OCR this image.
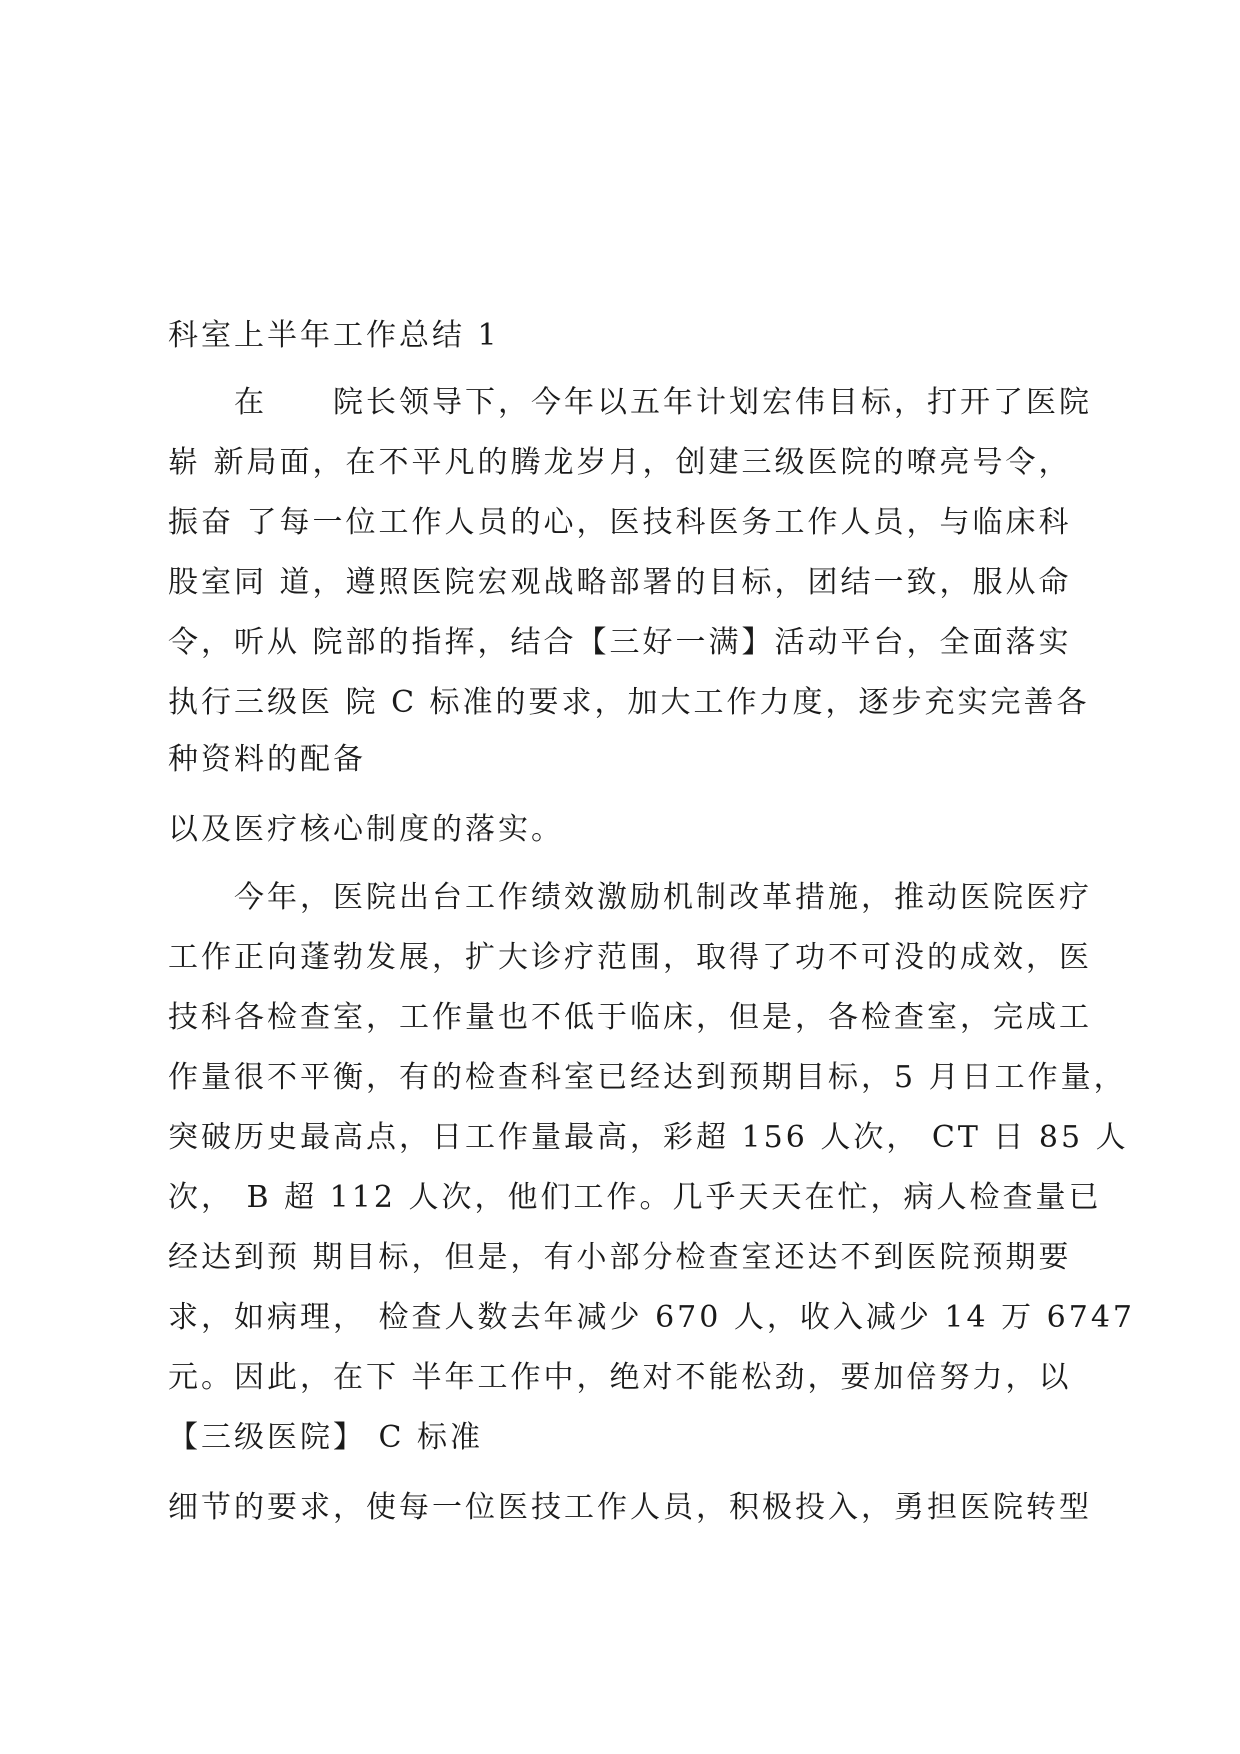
科室上半年工作总结 1
　　在　　院长领导下，今年以五年计划宏伟目标，打开了医院
崭 新局面，在不平凡的腾龙岁月，创建三级医院的嘹亮号令，
振奋 了每一位工作人员的心，医技科医务工作人员，与临床科
股室同 道，遵照医院宏观战略部署的目标，团结一致，服从命
令，听从 院部的指挥，结合【三好一满】活动平台，全面落实
执行三级医 院 C 标准的要求，加大工作力度，逐步充实完善各
种资料的配备
以及医疗核心制度的落实。
　　今年，医院出台工作绩效激励机制改革措施，推动医院医疗
工作正向蓬勃发展，扩大诊疗范围，取得了功不可没的成效，医
技科各检查室，工作量也不低于临床，但是，各检查室，完成工
作量很不平衡，有的检查科室已经达到预期目标，5 月日工作量，
突破历史最高点，日工作量最高，彩超 156 人次， CT 日 85 人
次， B 超 112 人次，他们工作。几乎天天在忙，病人检查量已
经达到预 期目标，但是，有小部分检查室还达不到医院预期要
求，如病理， 检查人数去年减少 670 人，收入减少 14 万 6747
元。因此，在下 半年工作中，绝对不能松劲，要加倍努力，以
【三级医院】 C 标准
细节的要求，使每一位医技工作人员，积极投入，勇担医院转型
